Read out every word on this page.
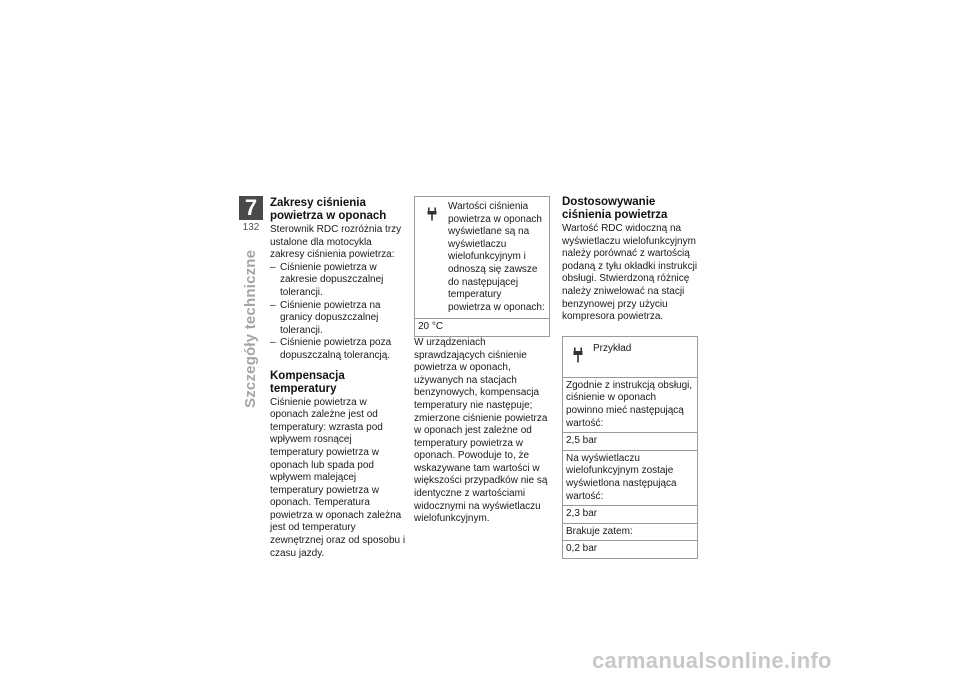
7
132
Szczegóły techniczne
Zakresy ciśnienia powietrza w oponach

Sterownik RDC rozróżnia trzy ustalone dla motocykla zakresy ciśnienia powietrza:

– Ciśnienie powietrza w zakresie dopuszczalnej tolerancji.
– Ciśnienie powietrza na granicy dopuszczalnej tolerancji.
– Ciśnienie powietrza poza dopuszczalną tolerancją.
Kompensacja temperatury

Ciśnienie powietrza w oponach zależne jest od temperatury: wzrasta pod wpływem rosnącej temperatury powietrza w oponach lub spada pod wpływem malejącej temperatury powietrza w oponach. Temperatura powietrza w oponach zależna jest od temperatury zewnętrznej oraz od sposobu i czasu jazdy.

Wartości ciśnienia powietrza w oponach wyświetlane są na wyświetlaczu wielofunkcyjnym i odnoszą się zawsze do następującej temperatury powietrza w oponach:

20 °C

W urządzeniach sprawdzających ciśnienie powietrza w oponach, używanych na stacjach benzynowych, kompensacja temperatury nie następuje; zmierzone ciśnienie powietrza w oponach jest zależne od temperatury powietrza w oponach. Powoduje to, że wskazywane tam wartości w większości przypadków nie są identyczne z wartościami widocznymi na wyświetlaczu wielofunkcyjnym.

Dostosowywanie ciśnienia powietrza

Wartość RDC widoczną na wyświetlaczu wielofunkcyjnym należy porównać z wartością podaną z tyłu okładki instrukcji obsługi. Stwierdzoną różnicę należy zniwelować na stacji benzynowej przy użyciu kompresora powietrza.

Przykład
Zgodnie z instrukcją obsługi, ciśnienie w oponach powinno mieć następującą wartość:
2,5 bar
Na wyświetlaczu wielofunkcyjnym zostaje wyświetlona następująca wartość:
2,3 bar
Brakuje zatem:
0,2 bar
carmanualsonline.info
